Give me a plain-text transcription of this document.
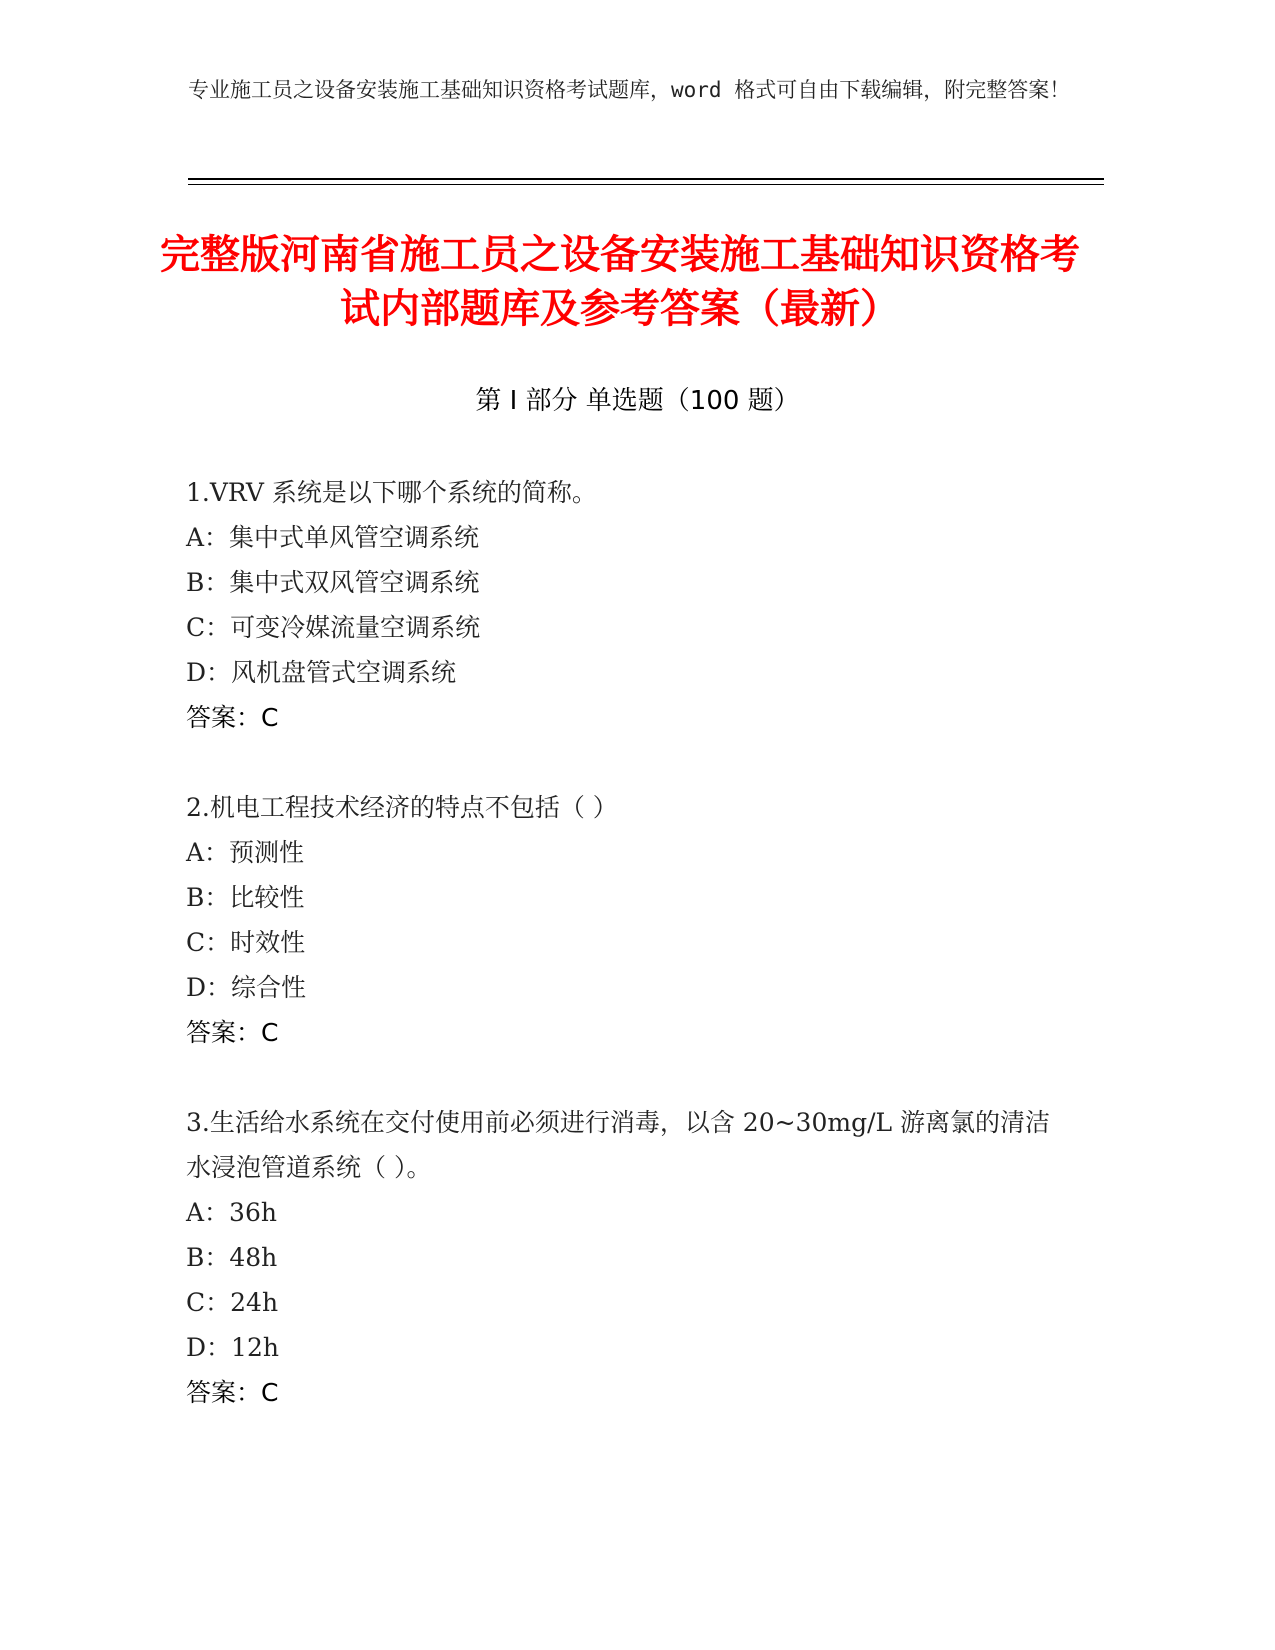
专业施工员之设备安装施工基础知识资格考试题库，word 格式可自由下载编辑，附完整答案！
完整版河南省施工员之设备安装施工基础知识资格考试内部题库及参考答案（最新）
第 I 部分 单选题（100 题）
1.VRV 系统是以下哪个系统的简称。
A：集中式单风管空调系统
B：集中式双风管空调系统
C：可变冷媒流量空调系统
D：风机盘管式空调系统
答案：C
2.机电工程技术经济的特点不包括（ ）
A：预测性
B：比较性
C：时效性
D：综合性
答案：C
3.生活给水系统在交付使用前必须进行消毒，以含 20~30mg/L 游离氯的清洁水浸泡管道系统（ ）。
A：36h
B：48h
C：24h
D：12h
答案：C
